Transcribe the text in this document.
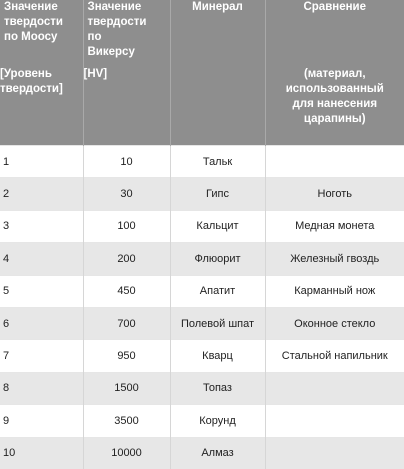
Значение
твердости
по Моосу	Значение
твердости
по
Викерсу	Минерал	Сравнение

[Уровень
твердости]	[HV]		(материал,
использованный
для нанесения
царапины)

1	10	Тальк	
2	30	Гипс	Ноготь
3	100	Кальцит	Медная монета
4	200	Флюорит	Железный гвоздь
5	450	Апатит	Карманный нож
6	700	Полевой шпат	Оконное стекло
7	950	Кварц	Стальной напильник
8	1500	Топаз	
9	3500	Корунд	
10	10000	Алмаз	
